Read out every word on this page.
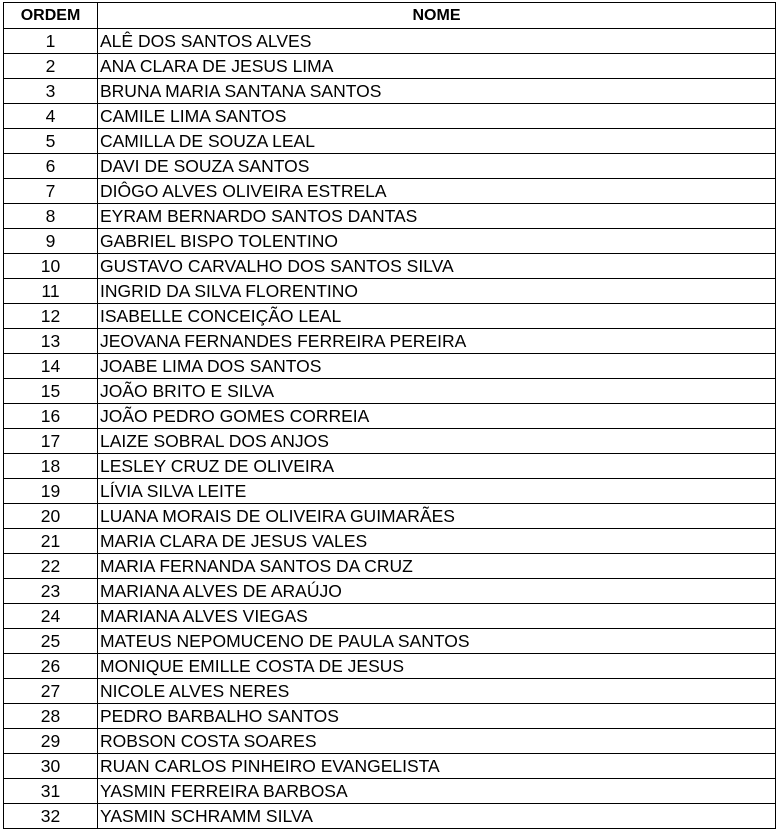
ORDEM	NOME
1	ALÊ DOS SANTOS ALVES
2	ANA CLARA DE JESUS LIMA
3	BRUNA MARIA SANTANA SANTOS
4	CAMILE LIMA SANTOS
5	CAMILLA DE SOUZA LEAL
6	DAVI DE SOUZA SANTOS
7	DIÔGO ALVES OLIVEIRA ESTRELA
8	EYRAM BERNARDO SANTOS DANTAS
9	GABRIEL BISPO TOLENTINO
10	GUSTAVO CARVALHO DOS SANTOS SILVA
11	INGRID DA SILVA FLORENTINO
12	ISABELLE CONCEIÇÃO LEAL
13	JEOVANA FERNANDES FERREIRA PEREIRA
14	JOABE LIMA DOS SANTOS
15	JOÃO BRITO E SILVA
16	JOÃO PEDRO GOMES CORREIA
17	LAIZE SOBRAL DOS ANJOS
18	LESLEY CRUZ DE OLIVEIRA
19	LÍVIA SILVA LEITE
20	LUANA MORAIS DE OLIVEIRA GUIMARÃES
21	MARIA CLARA DE JESUS VALES
22	MARIA FERNANDA SANTOS DA CRUZ
23	MARIANA ALVES DE ARAÚJO
24	MARIANA ALVES VIEGAS
25	MATEUS NEPOMUCENO DE PAULA SANTOS
26	MONIQUE EMILLE COSTA DE JESUS
27	NICOLE ALVES NERES
28	PEDRO BARBALHO SANTOS
29	ROBSON COSTA SOARES
30	RUAN CARLOS PINHEIRO EVANGELISTA
31	YASMIN FERREIRA BARBOSA
32	YASMIN SCHRAMM SILVA
